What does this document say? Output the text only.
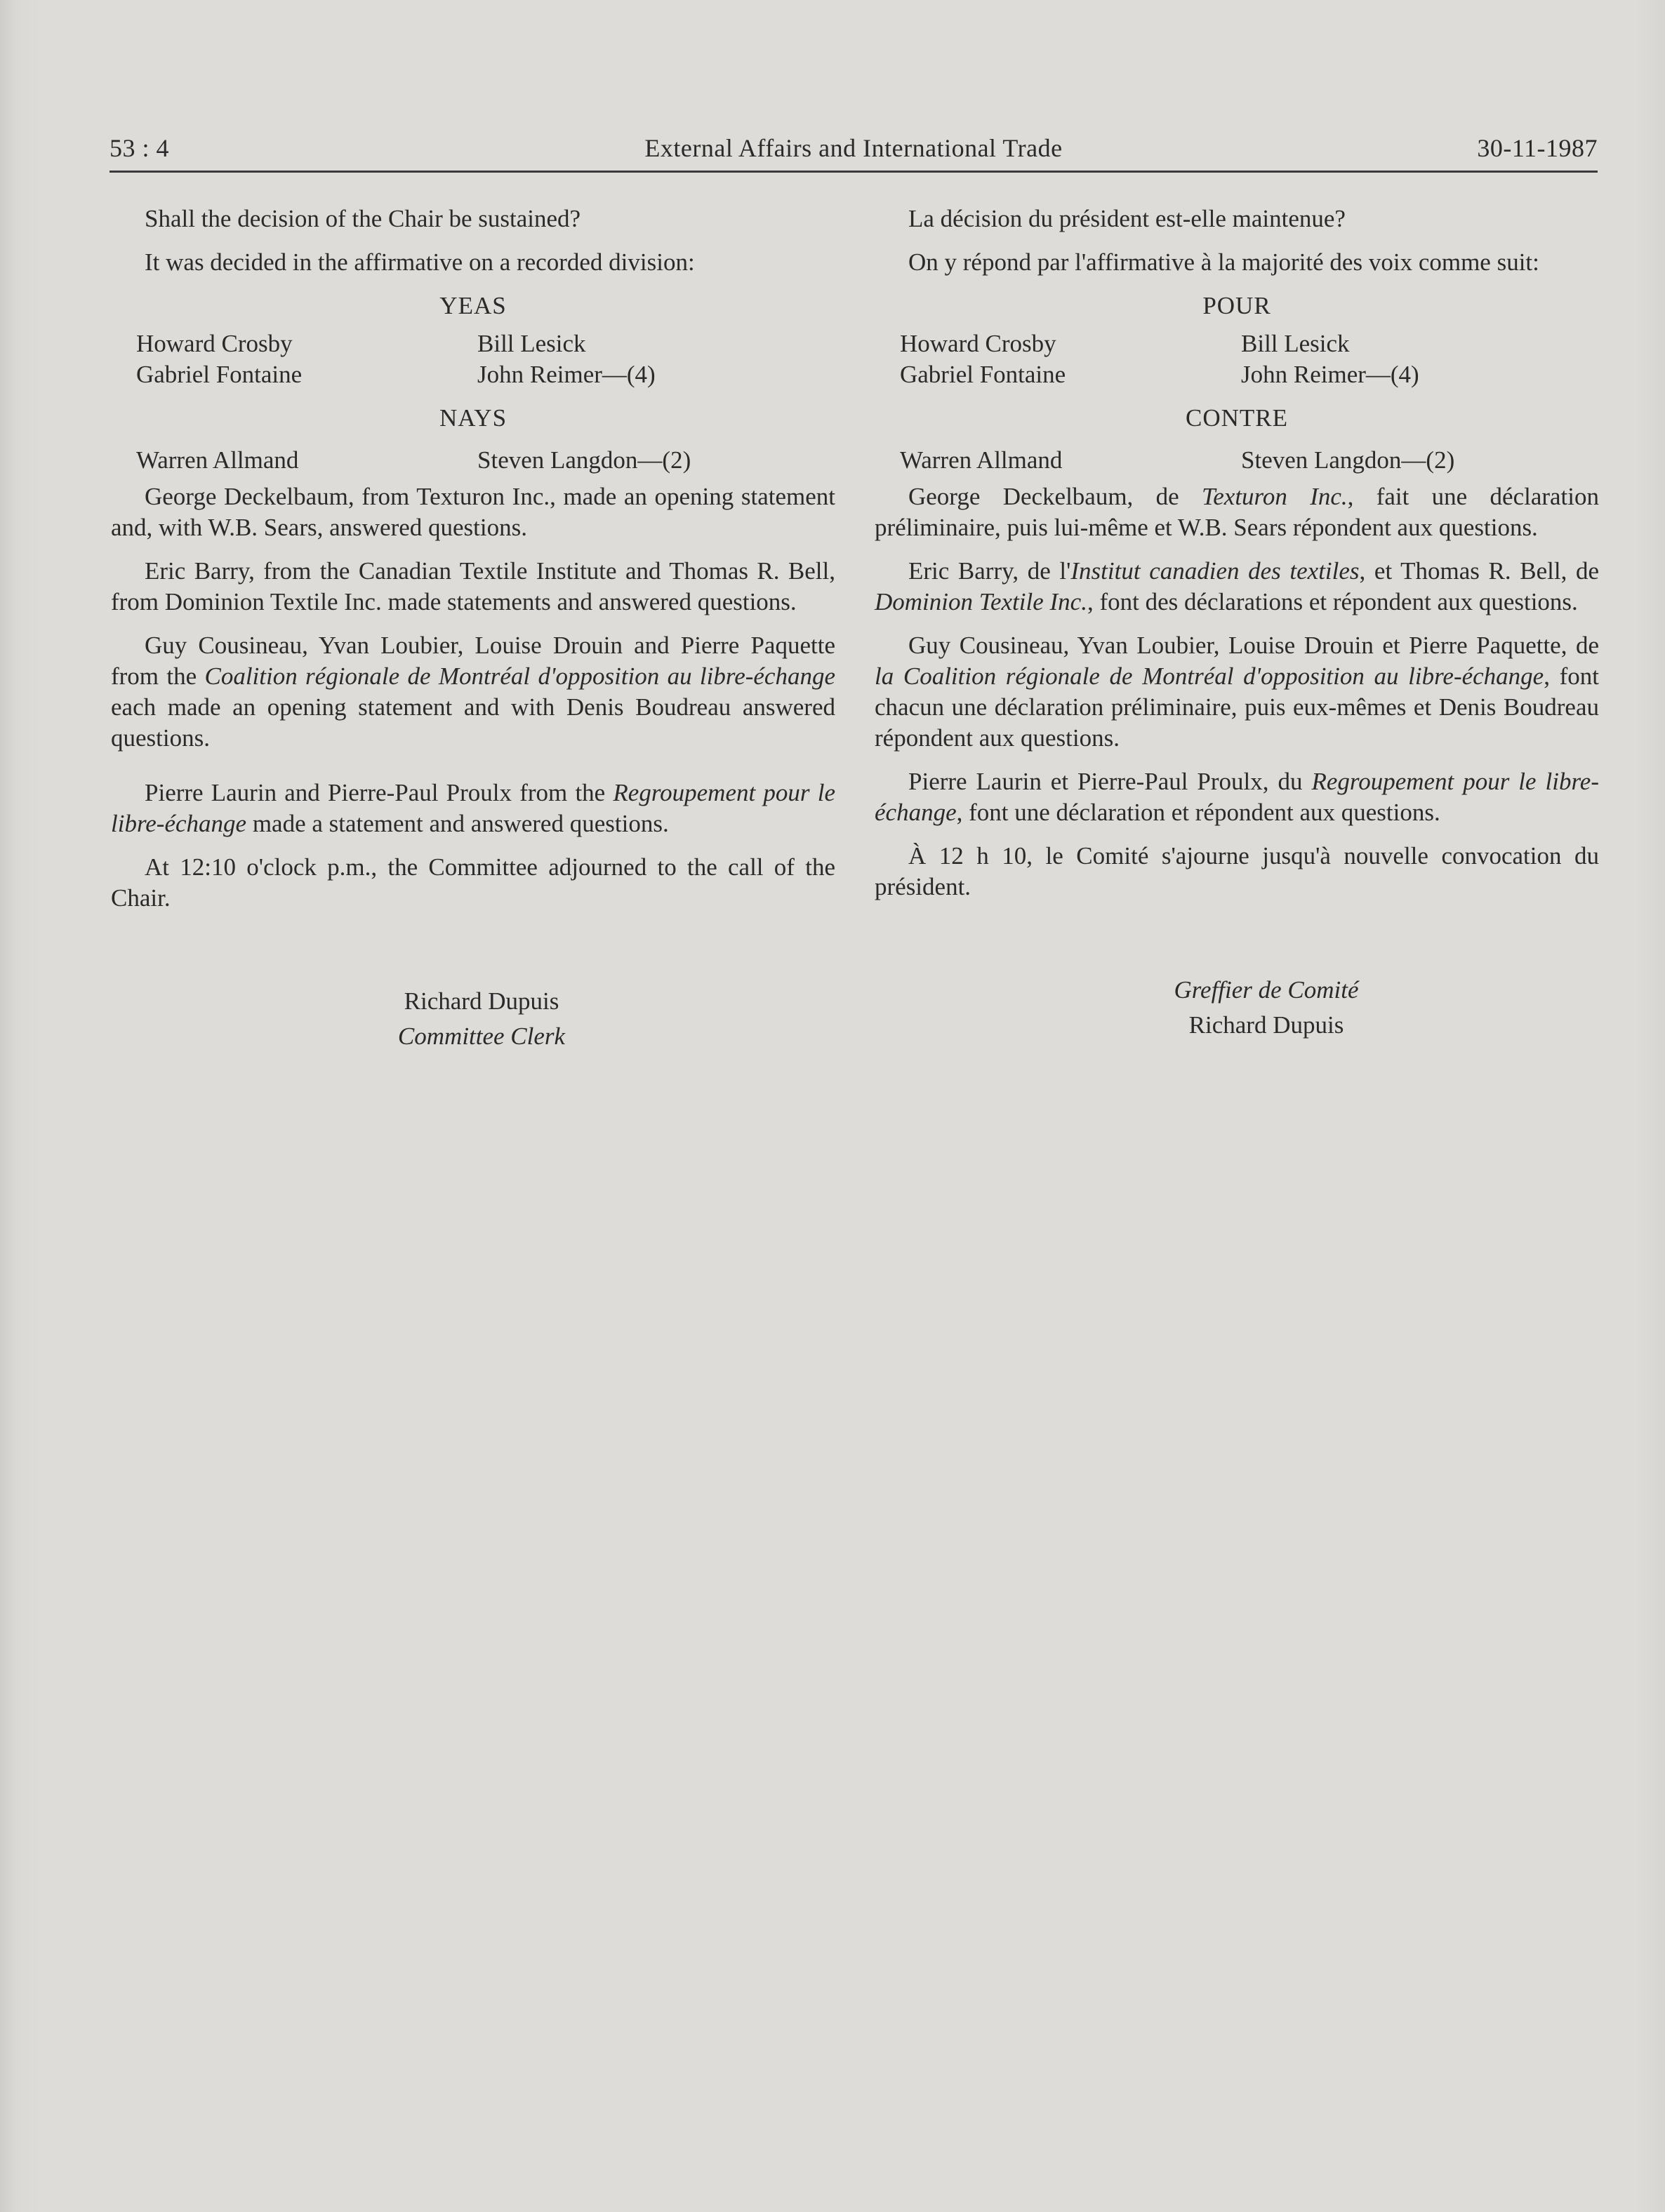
53 : 4	External Affairs and International Trade	30-11-1987

Shall the decision of the Chair be sustained?

It was decided in the affirmative on a recorded division:

YEAS
Howard Crosby	Bill Lesick
Gabriel Fontaine	John Reimer—(4)
NAYS
Warren Allmand	Steven Langdon—(2)

George Deckelbaum, from Texturon Inc., made an opening statement and, with W.B. Sears, answered questions.

Eric Barry, from the Canadian Textile Institute and Thomas R. Bell, from Dominion Textile Inc. made statements and answered questions.

Guy Cousineau, Yvan Loubier, Louise Drouin and Pierre Paquette from the Coalition régionale de Montréal d'opposition au libre-échange each made an opening statement and with Denis Boudreau answered questions.

Pierre Laurin and Pierre-Paul Proulx from the Regroupement pour le libre-échange made a statement and answered questions.

At 12:10 o'clock p.m., the Committee adjourned to the call of the Chair.

Richard Dupuis
Committee Clerk

La décision du président est-elle maintenue?

On y répond par l'affirmative à la majorité des voix comme suit:

POUR
Howard Crosby	Bill Lesick
Gabriel Fontaine	John Reimer—(4)
CONTRE
Warren Allmand	Steven Langdon—(2)

George Deckelbaum, de Texturon Inc., fait une déclaration préliminaire, puis lui-même et W.B. Sears répondent aux questions.

Eric Barry, de l'Institut canadien des textiles, et Thomas R. Bell, de Dominion Textile Inc., font des déclarations et répondent aux questions.

Guy Cousineau, Yvan Loubier, Louise Drouin et Pierre Paquette, de la Coalition régionale de Montréal d'opposition au libre-échange, font chacun une déclaration préliminaire, puis eux-mêmes et Denis Boudreau répondent aux questions.

Pierre Laurin et Pierre-Paul Proulx, du Regroupement pour le libre-échange, font une déclaration et répondent aux questions.

À 12 h 10, le Comité s'ajourne jusqu'à nouvelle convocation du président.

Greffier de Comité
Richard Dupuis
